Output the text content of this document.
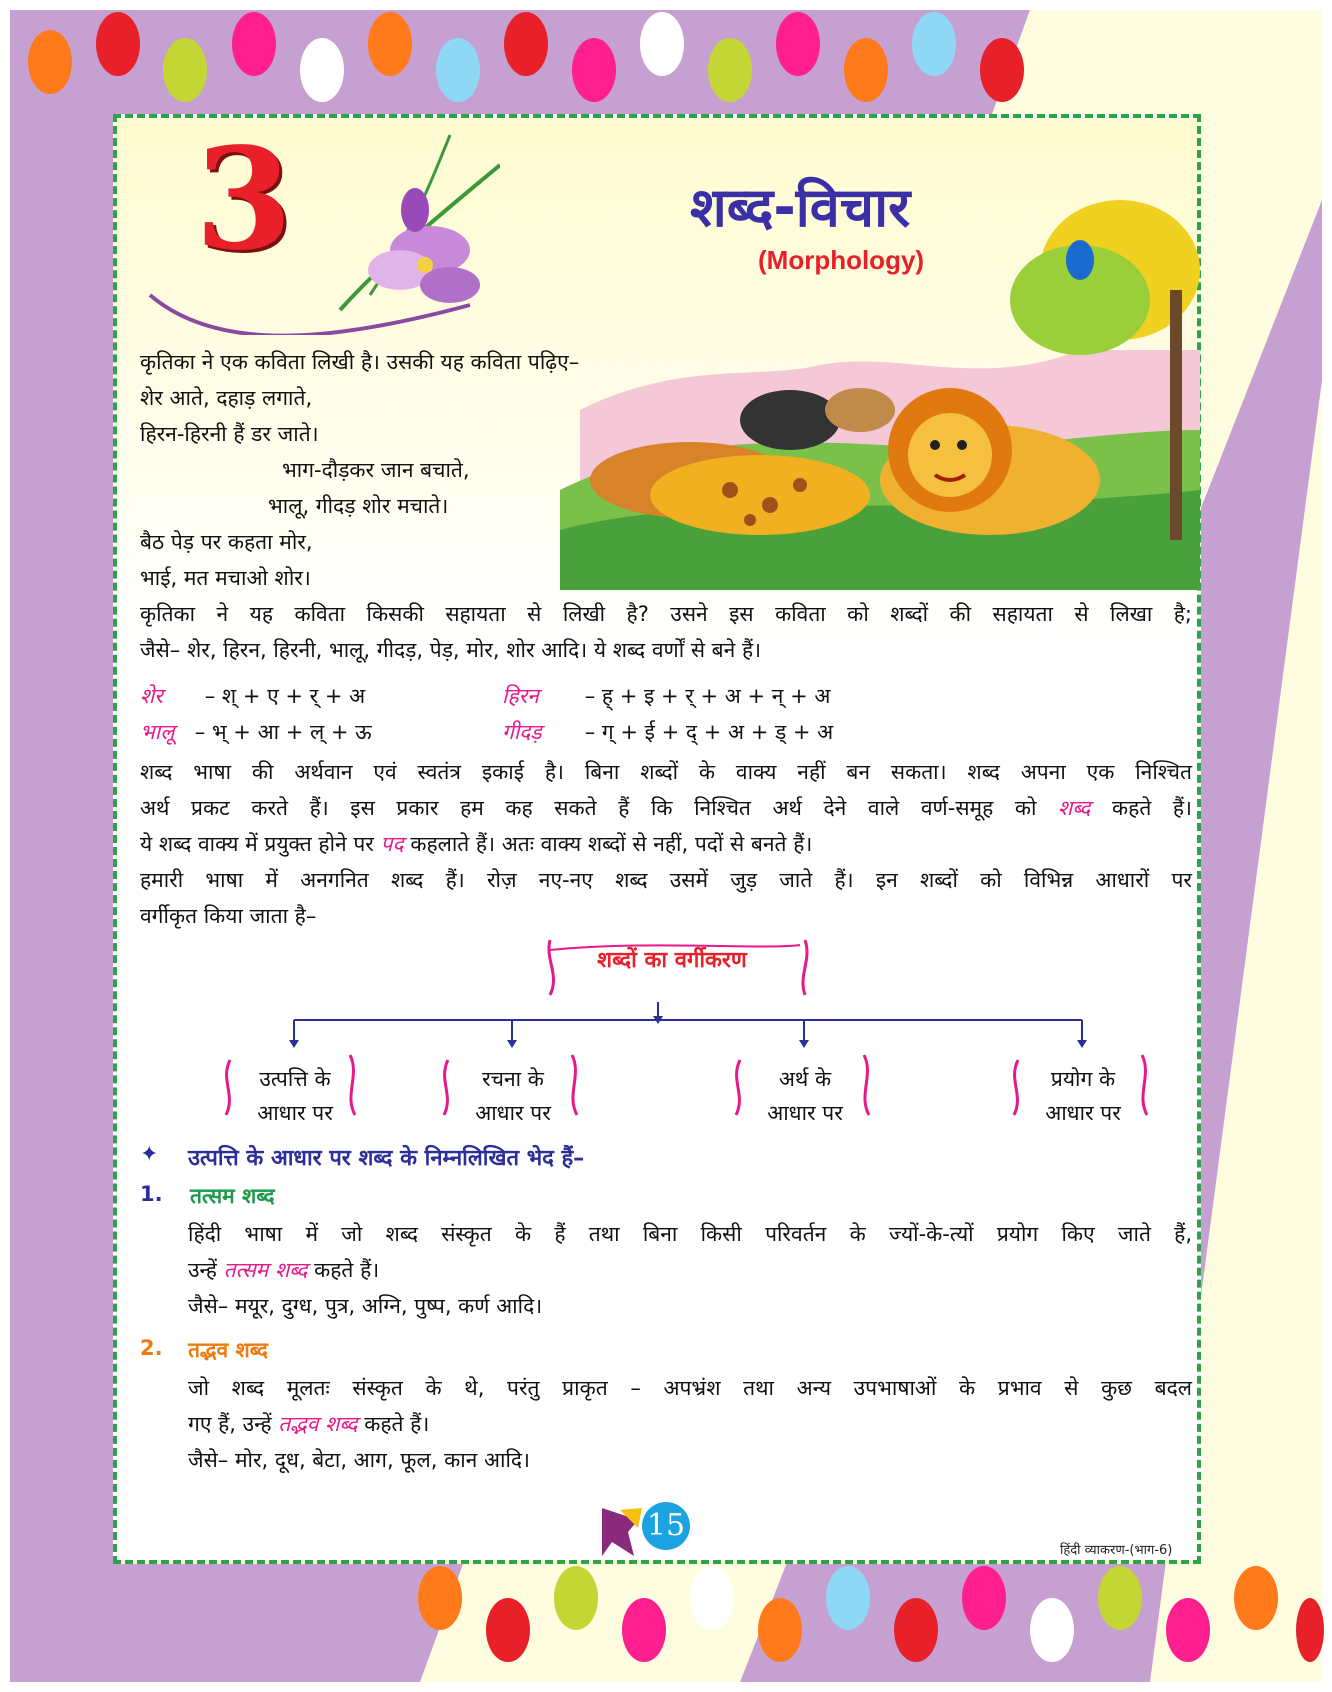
3	शब्द-विचार
(Morphology)
कृतिका ने एक कविता लिखी है। उसकी यह कविता पढ़िए–
शेर आते, दहाड़ लगाते,
हिरन-हिरनी हैं डर जाते।
भाग-दौड़कर जान बचाते,
भालू, गीदड़ शोर मचाते।
बैठ पेड़ पर कहता मोर,
भाई, मत मचाओ शोर।
कृतिका ने यह कविता किसकी सहायता से लिखी है? उसने इस कविता को शब्दों की सहायता से लिखा है;
जैसे– शेर, हिरन, हिरनी, भालू, गीदड़, पेड़, मोर, शोर आदि। ये शब्द वर्णों से बने हैं।
शेर – श् + ए + र् + अ	हिरन – ह् + इ + र् + अ + न् + अ
भालू – भ् + आ + ल् + ऊ	गीदड़ – ग् + ई + द् + अ + ड् + अ
शब्द भाषा की अर्थवान एवं स्वतंत्र इकाई है। बिना शब्दों के वाक्य नहीं बन सकता। शब्द अपना एक निश्चित
अर्थ प्रकट करते हैं। इस प्रकार हम कह सकते हैं कि निश्चित अर्थ देने वाले वर्ण-समूह को शब्द कहते हैं।
ये शब्द वाक्य में प्रयुक्त होने पर पद कहलाते हैं। अतः वाक्य शब्दों से नहीं, पदों से बनते हैं।
हमारी भाषा में अनगनित शब्द हैं। रोज़ नए-नए शब्द उसमें जुड़ जाते हैं। इन शब्दों को विभिन्न आधारों पर
वर्गीकृत किया जाता है–
शब्दों का वर्गीकरण
उत्पत्ति के
आधार पर
रचना के
आधार पर
अर्थ के
आधार पर
प्रयोग के
आधार पर
✦ उत्पत्ति के आधार पर शब्द के निम्नलिखित भेद हैं–
1. तत्सम शब्द
हिंदी भाषा में जो शब्द संस्कृत के हैं तथा बिना किसी परिवर्तन के ज्यों-के-त्यों प्रयोग किए जाते हैं,
उन्हें तत्सम शब्द कहते हैं।
जैसे– मयूर, दुग्ध, पुत्र, अग्नि, पुष्प, कर्ण आदि।
2. तद्भव शब्द
जो शब्द मूलतः संस्कृत के थे, परंतु प्राकृत – अपभ्रंश तथा अन्य उपभाषाओं के प्रभाव से कुछ बदल
गए हैं, उन्हें तद्भव शब्द कहते हैं।
जैसे– मोर, दूध, बेटा, आग, फूल, कान आदि।
15
हिंदी व्याकरण-(भाग-6)
